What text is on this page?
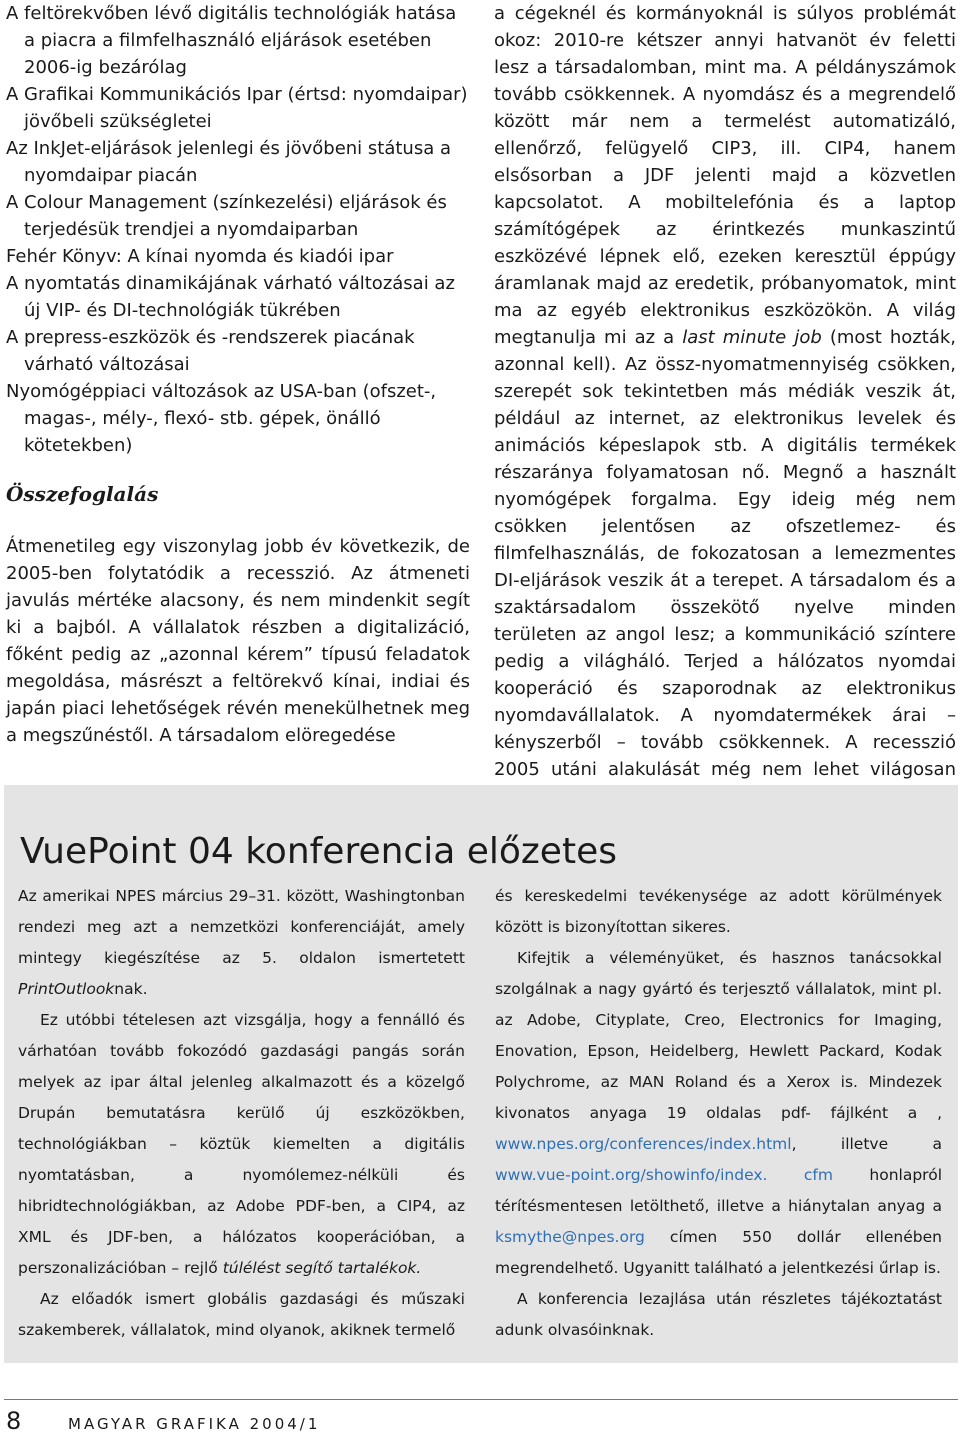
A feltörekvőben lévő digitális technológiák hatása a piacra a filmfelhasználó eljárások esetében 2006-ig bezárólag

A Grafikai Kommunikációs Ipar (értsd: nyomdaipar) jövőbeli szükségletei

Az InkJet-eljárások jelenlegi és jövőbeni státusa a nyomdaipar piacán

A Colour Management (színkezelési) eljárások és terjedésük trendjei a nyomdaiparban

Fehér Könyv: A kínai nyomda és kiadói ipar

A nyomtatás dinamikájának várható változásai az új VIP- és DI-technológiák tükrében

A prepress-eszközök és -rendszerek piacának várható változásai

Nyomógéppiaci változások az USA-ban (ofszet-, magas-, mély-, flexó- stb. gépek, önálló kötetekben)

Összefoglalás

Átmenetileg egy viszonylag jobb év következik, de 2005-ben folytatódik a recesszió. Az átmeneti javulás mértéke alacsony, és nem mindenkit segít ki a bajból. A vállalatok részben a digitalizáció, főként pedig az „azonnal kérem” típusú feladatok megoldása, másrészt a feltörekvő kínai, indiai és japán piaci lehetőségek révén menekülhetnek meg a megszűnéstől. A társadalom elöregedése

a cégeknél és kormányoknál is súlyos problémát okoz: 2010-re kétszer annyi hatvanöt év feletti lesz a társadalomban, mint ma. A példányszámok tovább csökkennek. A nyomdász és a megrendelő között már nem a termelést automatizáló, ellenőrző, felügyelő CIP3, ill. CIP4, hanem elsősorban a JDF jelenti majd a közvetlen kapcsolatot. A mobiltelefónia és a laptop számítógépek az érintkezés munkaszintű eszközévé lépnek elő, ezeken keresztül éppúgy áramlanak majd az eredetik, próbanyomatok, mint ma az egyéb elektronikus eszközökön. A világ megtanulja mi az a last minute job (most hozták, azonnal kell). Az össz-nyomatmennyiség csökken, szerepét sok tekintetben más médiák veszik át, például az internet, az elektronikus levelek és animációs képeslapok stb. A digitális termékek részaránya folyamatosan nő. Megnő a használt nyomógépek forgalma. Egy ideig még nem csökken jelentősen az ofszetlemez- és filmfelhasználás, de fokozatosan a lemezmentes DI-eljárások veszik át a terepet. A társadalom és a szaktársadalom összekötő nyelve minden területen az angol lesz; a kommunikáció színtere pedig a világháló. Terjed a hálózatos nyomdai kooperáció és szaporodnak az elektronikus nyomdavállalatok. A nyomdatermékek árai – kényszerből – tovább csökkennek. A recesszió 2005 utáni alakulását még nem lehet világosan

VuePoint 04 konferencia előzetes

Az amerikai NPES március 29–31. között, Washingtonban rendezi meg azt a nemzetközi konferenciáját, amely mintegy kiegészítése az 5. oldalon ismertetett PrintOutlooknak.

Ez utóbbi tételesen azt vizsgálja, hogy a fennálló és várhatóan tovább fokozódó gazdasági pangás során melyek az ipar által jelenleg alkalmazott és a közelgő Drupán bemutatásra kerülő új eszközökben, technológiákban – köztük kiemelten a digitális nyomtatásban, a nyomólemez-nélküli és hibridtechnológiákban, az Adobe PDF-ben, a CIP4, az XML és JDF-ben, a hálózatos kooperációban, a perszonalizációban – rejlő túlélést segítő tartalékok.

Az előadók ismert globális gazdasági és műszaki szakemberek, vállalatok, mind olyanok, akiknek termelő

és kereskedelmi tevékenysége az adott körülmények között is bizonyítottan sikeres.

Kifejtik a véleményüket, és hasznos tanácsokkal szolgálnak a nagy gyártó és terjesztő vállalatok, mint pl. az Adobe, Cityplate, Creo, Electronics for Imaging, Enovation, Epson, Heidelberg, Hewlett Packard, Kodak Polychrome, az MAN Roland és a Xerox is. Mindezek kivonatos anyaga 19 oldalas pdf- fájlként a , www.npes.org/conferences/index.html, illetve a www.vue-point.org/showinfo/index. cfm honlapról térítésmentesen letölthető, illetve a hiánytalan anyag a ksmythe@npes.org címen 550 dollár ellenében megrendelhető. Ugyanitt található a jelentkezési űrlap is.

A konferencia lezajlása után részletes tájékoztatást adunk olvasóinknak.

8	MAGYAR GRAFIKA 2004/1
